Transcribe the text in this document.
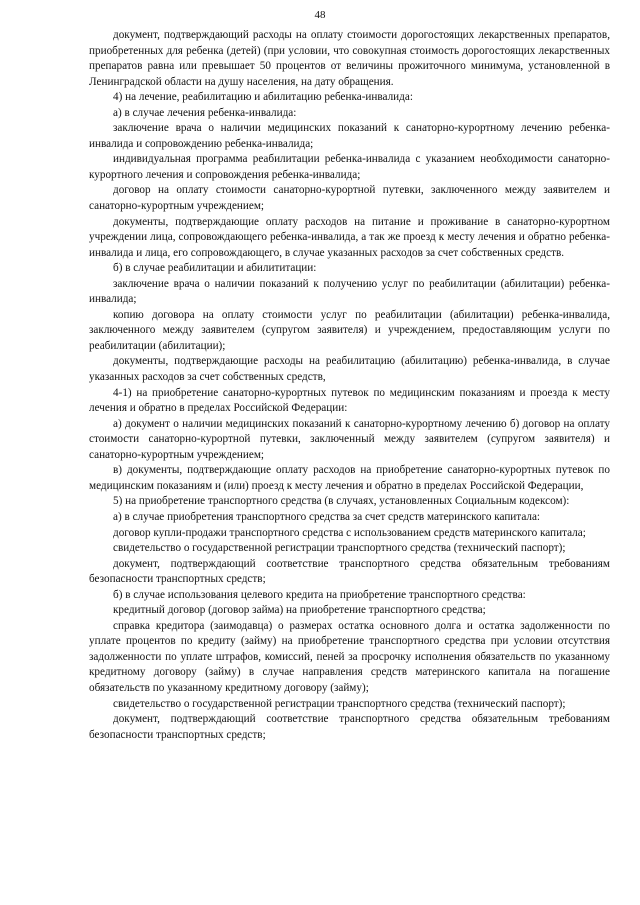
48

документ, подтверждающий расходы на оплату стоимости дорогостоящих лекарственных препаратов, приобретенных для ребенка (детей) (при условии, что совокупная стоимость дорогостоящих лекарственных препаратов равна или превышает 50 процентов от величины прожиточного минимума, установленной в Ленинградской области на душу населения, на дату обращения.

4) на лечение, реабилитацию и абилитацию ребенка-инвалида:

а) в случае лечения ребенка-инвалида:

заключение врача о наличии медицинских показаний к санаторно-курортному лечению ребенка-инвалида и сопровождению ребенка-инвалида;

индивидуальная программа реабилитации ребенка-инвалида с указанием необходимости санаторно-курортного лечения и сопровождения ребенка-инвалида;

договор на оплату стоимости санаторно-курортной путевки, заключенного между заявителем и санаторно-курортным учреждением;

документы, подтверждающие оплату расходов на питание и проживание в санаторно-курортном учреждении лица, сопровождающего ребенка-инвалида, а так же проезд к месту лечения и обратно ребенка-инвалида и лица, его сопровождающего, в случае указанных расходов за счет собственных средств.

б) в случае реабилитации и абилититации:

заключение врача о наличии показаний к получению услуг по реабилитации (абилитации) ребенка-инвалида;

копию договора на оплату стоимости услуг по реабилитации (абилитации) ребенка-инвалида, заключенного между заявителем (супругом заявителя) и учреждением, предоставляющим услуги по реабилитации (абилитации);

документы, подтверждающие расходы на реабилитацию (абилитацию) ребенка-инвалида, в случае указанных расходов за счет собственных средств,

4-1) на приобретение санаторно-курортных путевок по медицинским показаниям и проезда к месту лечения и обратно в пределах Российской Федерации:

а) документ о наличии медицинских показаний к санаторно-курортному лечению б) договор на оплату стоимости санаторно-курортной путевки, заключенный между заявителем (супругом заявителя) и санаторно-курортным учреждением;

в) документы, подтверждающие оплату расходов на приобретение санаторно-курортных путевок по медицинским показаниям и (или) проезд к месту лечения и обратно в пределах Российской Федерации,

5) на приобретение транспортного средства (в случаях, установленных Социальным кодексом):

а) в случае приобретения транспортного средства за счет средств материнского капитала:

договор купли-продажи транспортного средства с использованием средств материнского капитала;

свидетельство о государственной регистрации транспортного средства (технический паспорт);

документ, подтверждающий соответствие транспортного средства обязательным требованиям безопасности транспортных средств;

б) в случае использования целевого кредита на приобретение транспортного средства:

кредитный договор (договор займа) на приобретение транспортного средства;

справка кредитора (заимодавца) о размерах остатка основного долга и остатка задолженности по уплате процентов по кредиту (займу) на приобретение транспортного средства при условии отсутствия задолженности по уплате штрафов, комиссий, пеней за просрочку исполнения обязательств по указанному кредитному договору (займу) в случае направления средств материнского капитала на погашение обязательств по указанному кредитному договору (займу);

свидетельство о государственной регистрации транспортного средства (технический паспорт);

документ, подтверждающий соответствие транспортного средства обязательным требованиям безопасности транспортных средств;
